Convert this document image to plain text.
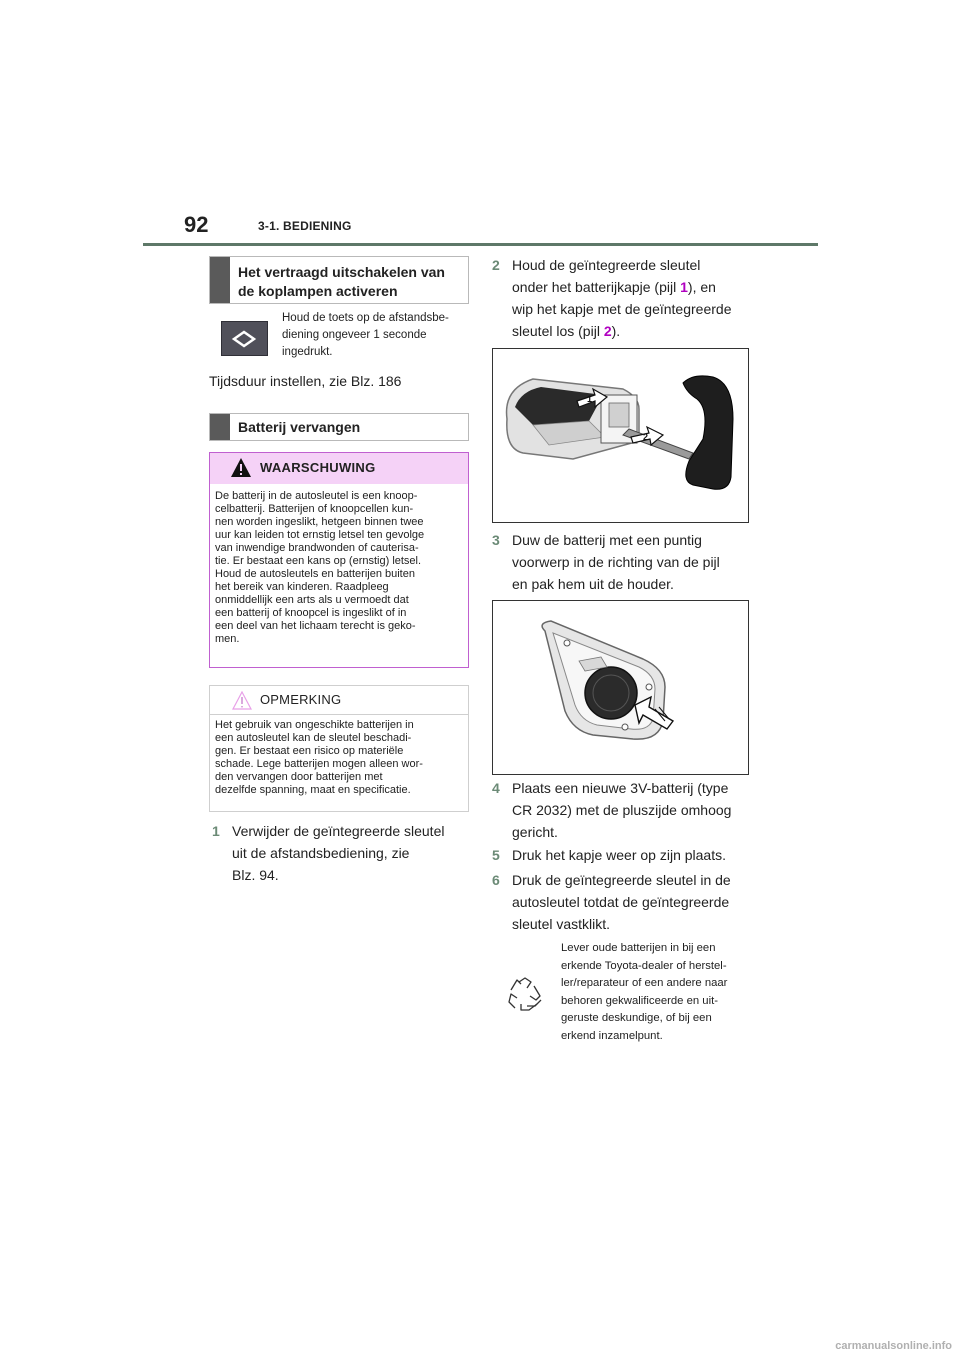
92	3-1. BEDIENING
Het vertraagd uitschakelen van de koplampen activeren
Houd de toets op de afstandsbe-
diening ongeveer 1 seconde
ingedrukt.
Tijdsduur instellen, zie Blz. 186
Batterij vervangen
WAARSCHUWING
De batterij in de autosleutel is een knoop-
celbatterij. Batterijen of knoopcellen kun-
nen worden ingeslikt, hetgeen binnen twee
uur kan leiden tot ernstig letsel ten gevolge
van inwendige brandwonden of cauterisa-
tie. Er bestaat een kans op (ernstig) letsel.
Houd de autosleutels en batterijen buiten
het bereik van kinderen. Raadpleeg
onmiddellijk een arts als u vermoedt dat
een batterij of knoopcel is ingeslikt of in
een deel van het lichaam terecht is geko-
men.
OPMERKING
Het gebruik van ongeschikte batterijen in
een autosleutel kan de sleutel beschadi-
gen. Er bestaat een risico op materiële
schade. Lege batterijen mogen alleen wor-
den vervangen door batterijen met
dezelfde spanning, maat en specificatie.
1 Verwijder de geïntegreerde sleutel
uit de afstandsbediening, zie
Blz. 94.
2 Houd de geïntegreerde sleutel
onder het batterijkapje (pijl 1), en
wip het kapje met de geïntegreerde
sleutel los (pijl 2).
1
2
3 Duw de batterij met een puntig
voorwerp in de richting van de pijl
en pak hem uit de houder.
4 Plaats een nieuwe 3V-batterij (type
CR 2032) met de pluszijde omhoog
gericht.
5 Druk het kapje weer op zijn plaats.
6 Druk de geïntegreerde sleutel in de
autosleutel totdat de geïntegreerde
sleutel vastklikt.
Lever oude batterijen in bij een
erkende Toyota-dealer of herstel-
ler/reparateur of een andere naar
behoren gekwalificeerde en uit-
geruste deskundige, of bij een
erkend inzamelpunt.
carmanualsonline.info
